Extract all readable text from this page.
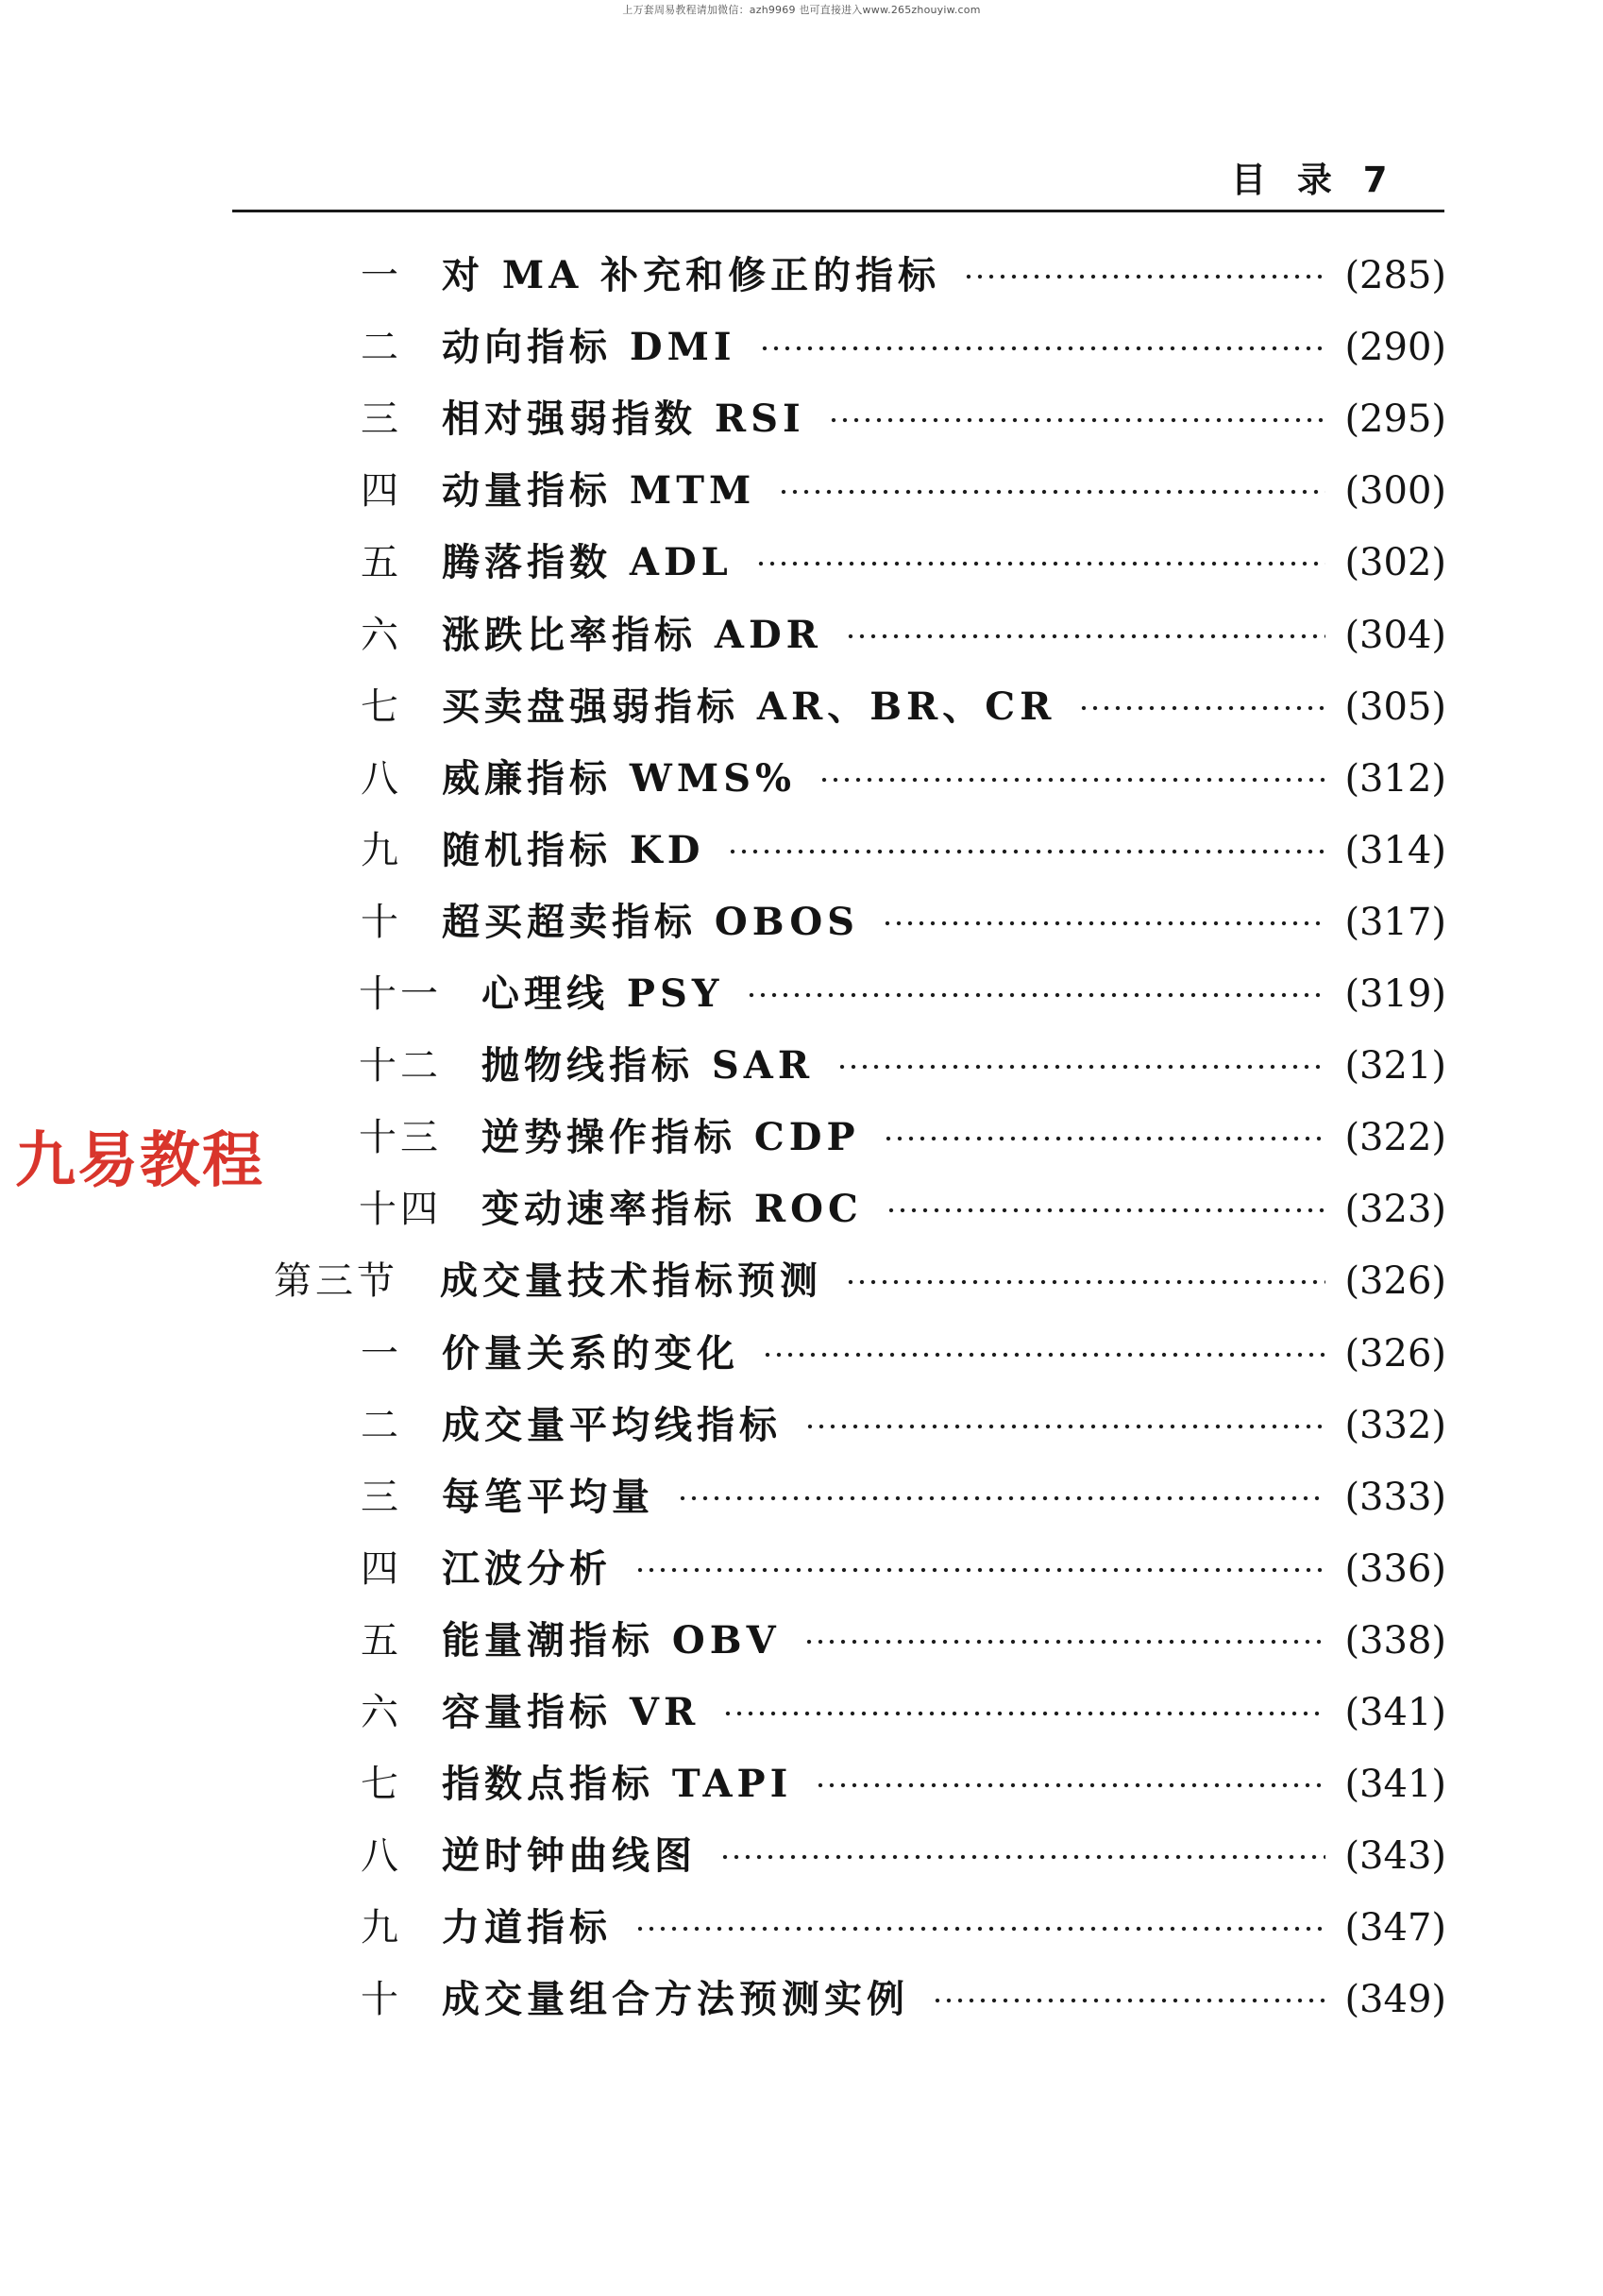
上万套周易教程请加微信：azh9969 也可直接进入www.265zhouyiw.com
目 录 7
一 对 MA 补充和修正的指标	(285)
二 动向指标 DMI	(290)
三 相对强弱指数 RSI	(295)
四 动量指标 MTM	(300)
五 腾落指数 ADL	(302)
六 涨跌比率指标 ADR	(304)
七 买卖盘强弱指标 AR、BR、CR	(305)
八 威廉指标 WMS%	(312)
九 随机指标 KD	(314)
十 超买超卖指标 OBOS	(317)
十一 心理线 PSY	(319)
十二 抛物线指标 SAR	(321)
十三 逆势操作指标 CDP	(322)
十四 变动速率指标 ROC	(323)
第三节 成交量技术指标预测	(326)
一 价量关系的变化	(326)
二 成交量平均线指标	(332)
三 每笔平均量	(333)
四 江波分析	(336)
五 能量潮指标 OBV	(338)
六 容量指标 VR	(341)
七 指数点指标 TAPI	(341)
八 逆时钟曲线图	(343)
九 力道指标	(347)
十 成交量组合方法预测实例	(349)
九易教程
